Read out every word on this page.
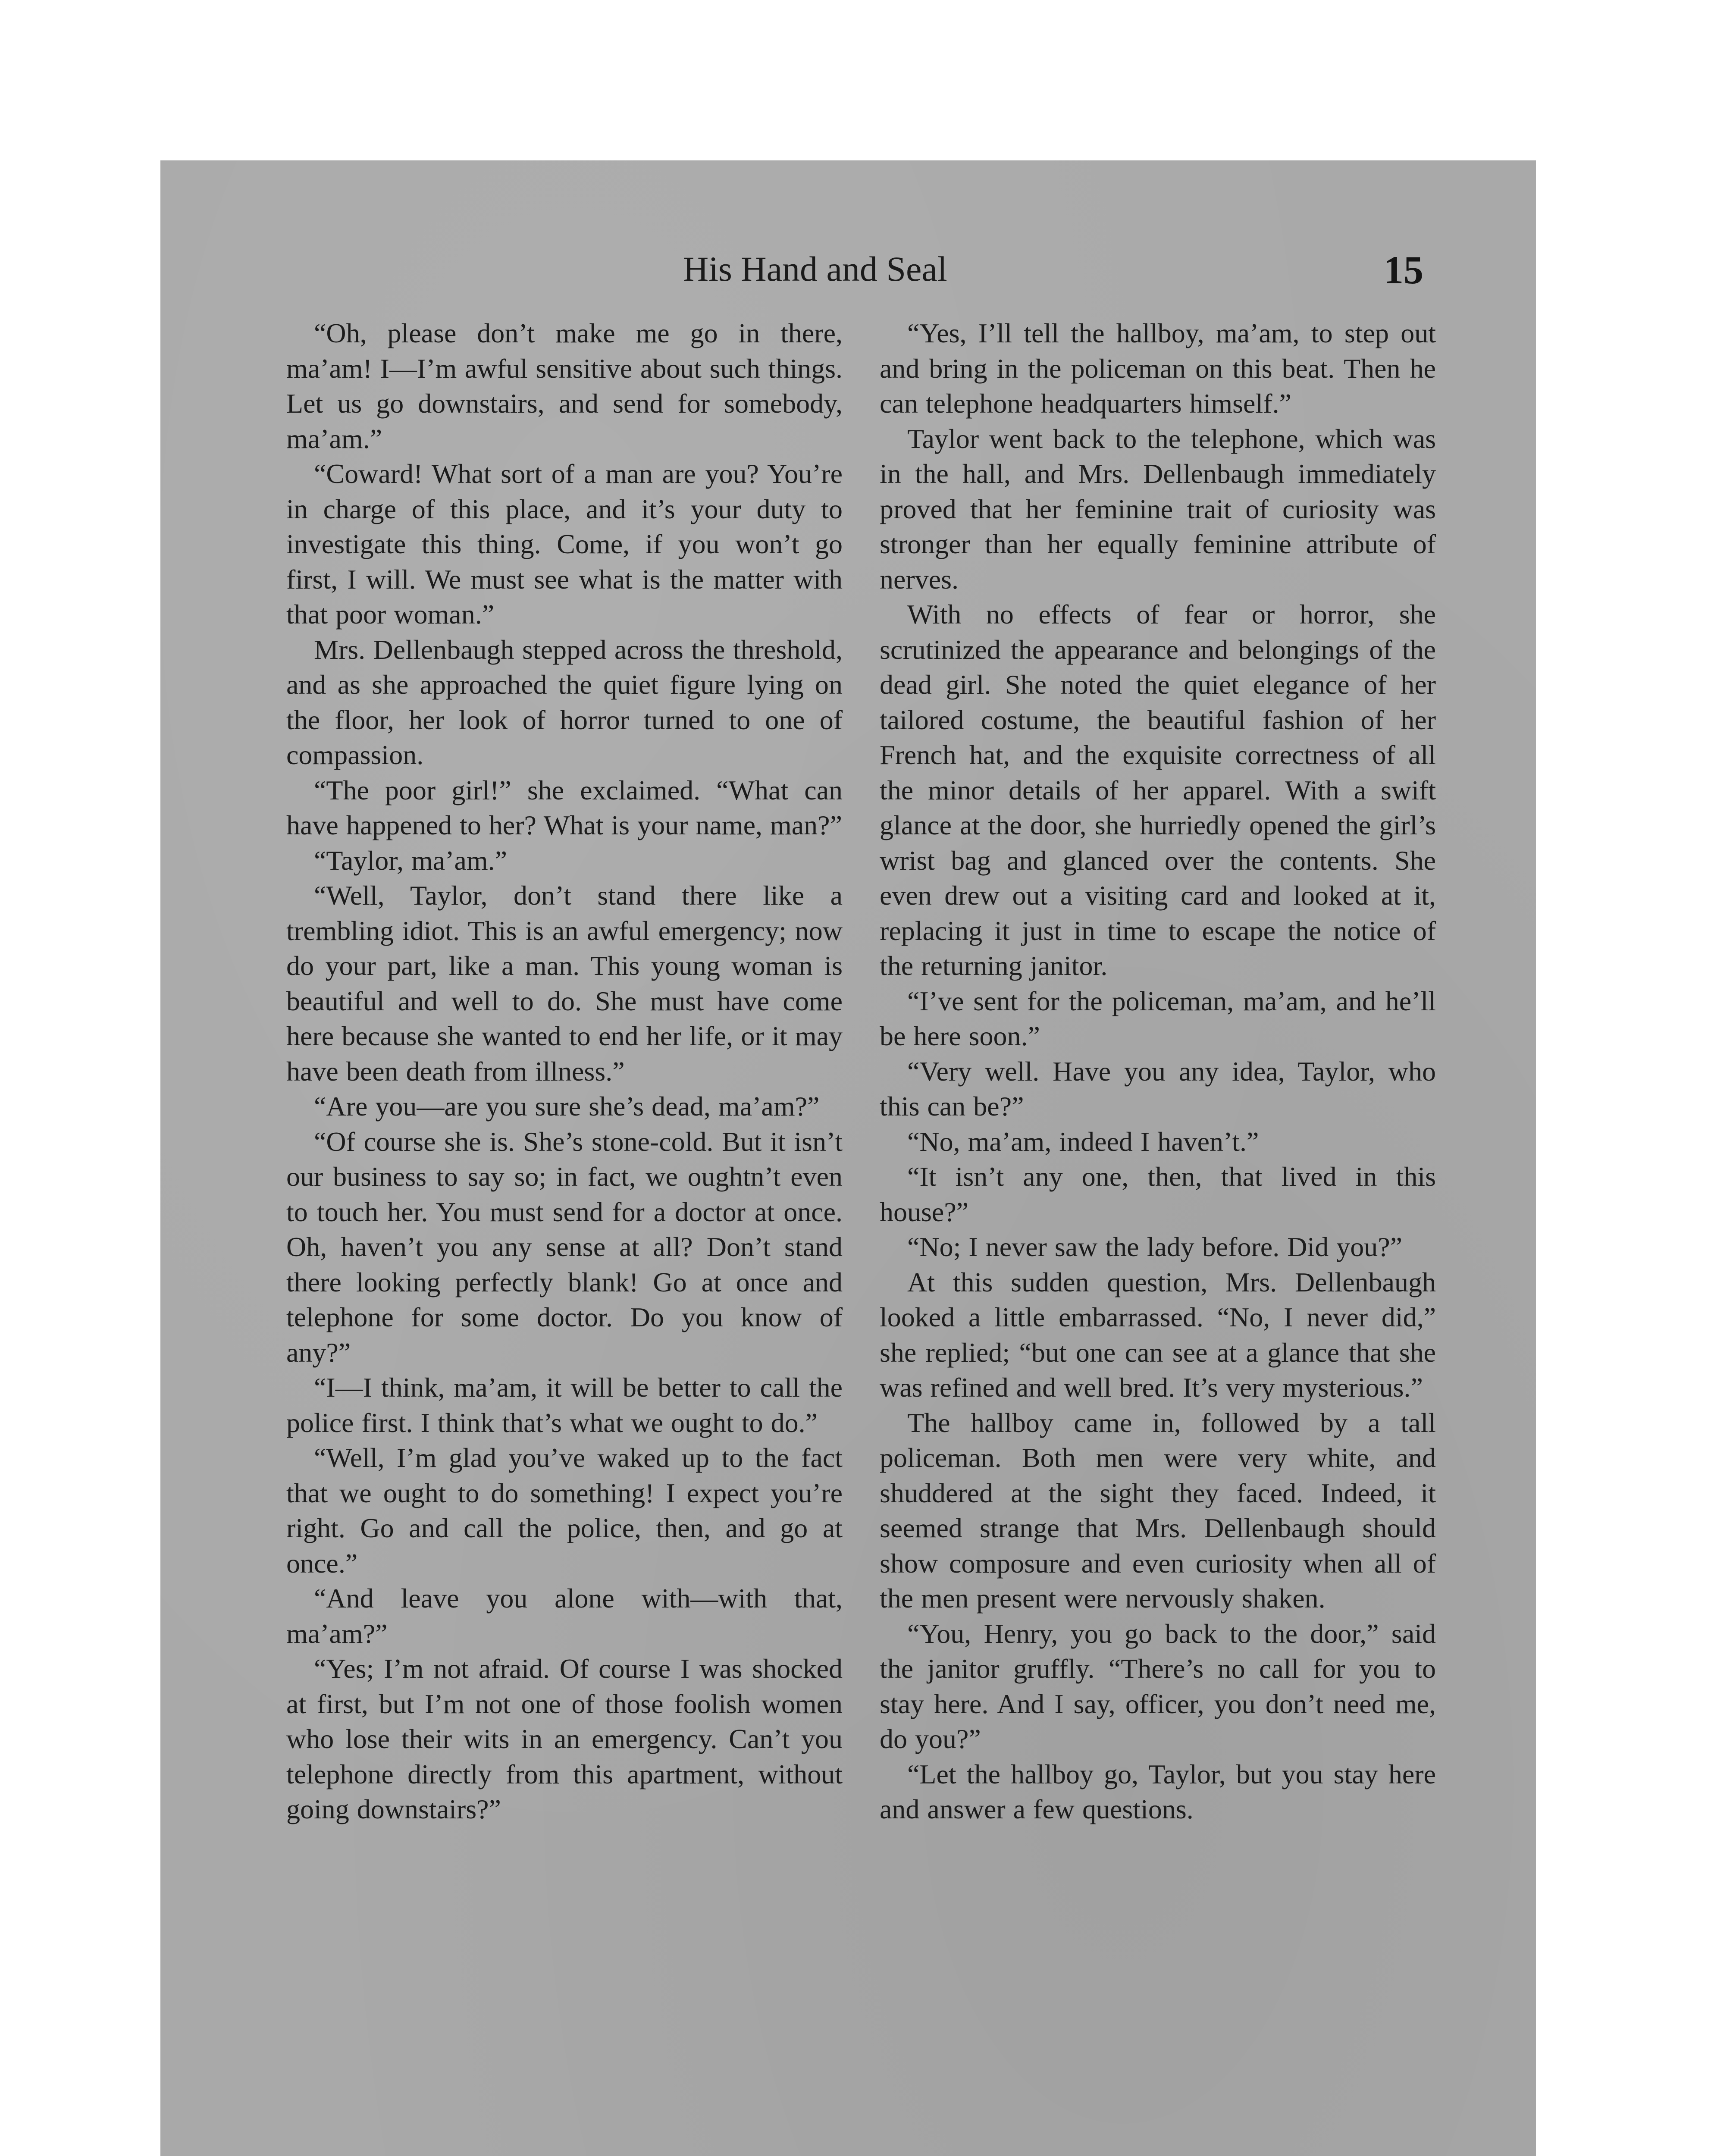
His Hand and Seal	15

“Oh, please don’t make me go in there, ma’am! I—I’m awful sensitive about such things. Let us go downstairs, and send for somebody, ma’am.”

“Coward! What sort of a man are you? You’re in charge of this place, and it’s your duty to investigate this thing. Come, if you won’t go first, I will. We must see what is the matter with that poor woman.”

Mrs. Dellenbaugh stepped across the threshold, and as she approached the quiet figure lying on the floor, her look of horror turned to one of compassion.

“The poor girl!” she exclaimed. “What can have happened to her? What is your name, man?”

“Taylor, ma’am.”

“Well, Taylor, don’t stand there like a trembling idiot. This is an awful emergency; now do your part, like a man. This young woman is beautiful and well to do. She must have come here because she wanted to end her life, or it may have been death from illness.”

“Are you—are you sure she’s dead, ma’am?”

“Of course she is. She’s stone-cold. But it isn’t our business to say so; in fact, we oughtn’t even to touch her. You must send for a doctor at once. Oh, haven’t you any sense at all? Don’t stand there looking perfectly blank! Go at once and telephone for some doctor. Do you know of any?”

“I—I think, ma’am, it will be better to call the police first. I think that’s what we ought to do.”

“Well, I’m glad you’ve waked up to the fact that we ought to do something! I expect you’re right. Go and call the police, then, and go at once.”

“And leave you alone with—with that, ma’am?”

“Yes; I’m not afraid. Of course I was shocked at first, but I’m not one of those foolish women who lose their wits in an emergency. Can’t you telephone directly from this apartment, without going downstairs?”

“Yes, I’ll tell the hallboy, ma’am, to step out and bring in the policeman on this beat. Then he can telephone headquarters himself.”

Taylor went back to the telephone, which was in the hall, and Mrs. Dellenbaugh immediately proved that her feminine trait of curiosity was stronger than her equally feminine attribute of nerves.

With no effects of fear or horror, she scrutinized the appearance and belongings of the dead girl. She noted the quiet elegance of her tailored costume, the beautiful fashion of her French hat, and the exquisite correctness of all the minor details of her apparel. With a swift glance at the door, she hurriedly opened the girl’s wrist bag and glanced over the contents. She even drew out a visiting card and looked at it, replacing it just in time to escape the notice of the returning janitor.

“I’ve sent for the policeman, ma’am, and he’ll be here soon.”

“Very well. Have you any idea, Taylor, who this can be?”

“No, ma’am, indeed I haven’t.”

“It isn’t any one, then, that lived in this house?”

“No; I never saw the lady before. Did you?”

At this sudden question, Mrs. Dellenbaugh looked a little embarrassed. “No, I never did,” she replied; “but one can see at a glance that she was refined and well bred. It’s very mysterious.”

The hallboy came in, followed by a tall policeman. Both men were very white, and shuddered at the sight they faced. Indeed, it seemed strange that Mrs. Dellenbaugh should show composure and even curiosity when all of the men present were nervously shaken.

“You, Henry, you go back to the door,” said the janitor gruffly. “There’s no call for you to stay here. And I say, officer, you don’t need me, do you?”

“Let the hallboy go, Taylor, but you stay here and answer a few questions.
